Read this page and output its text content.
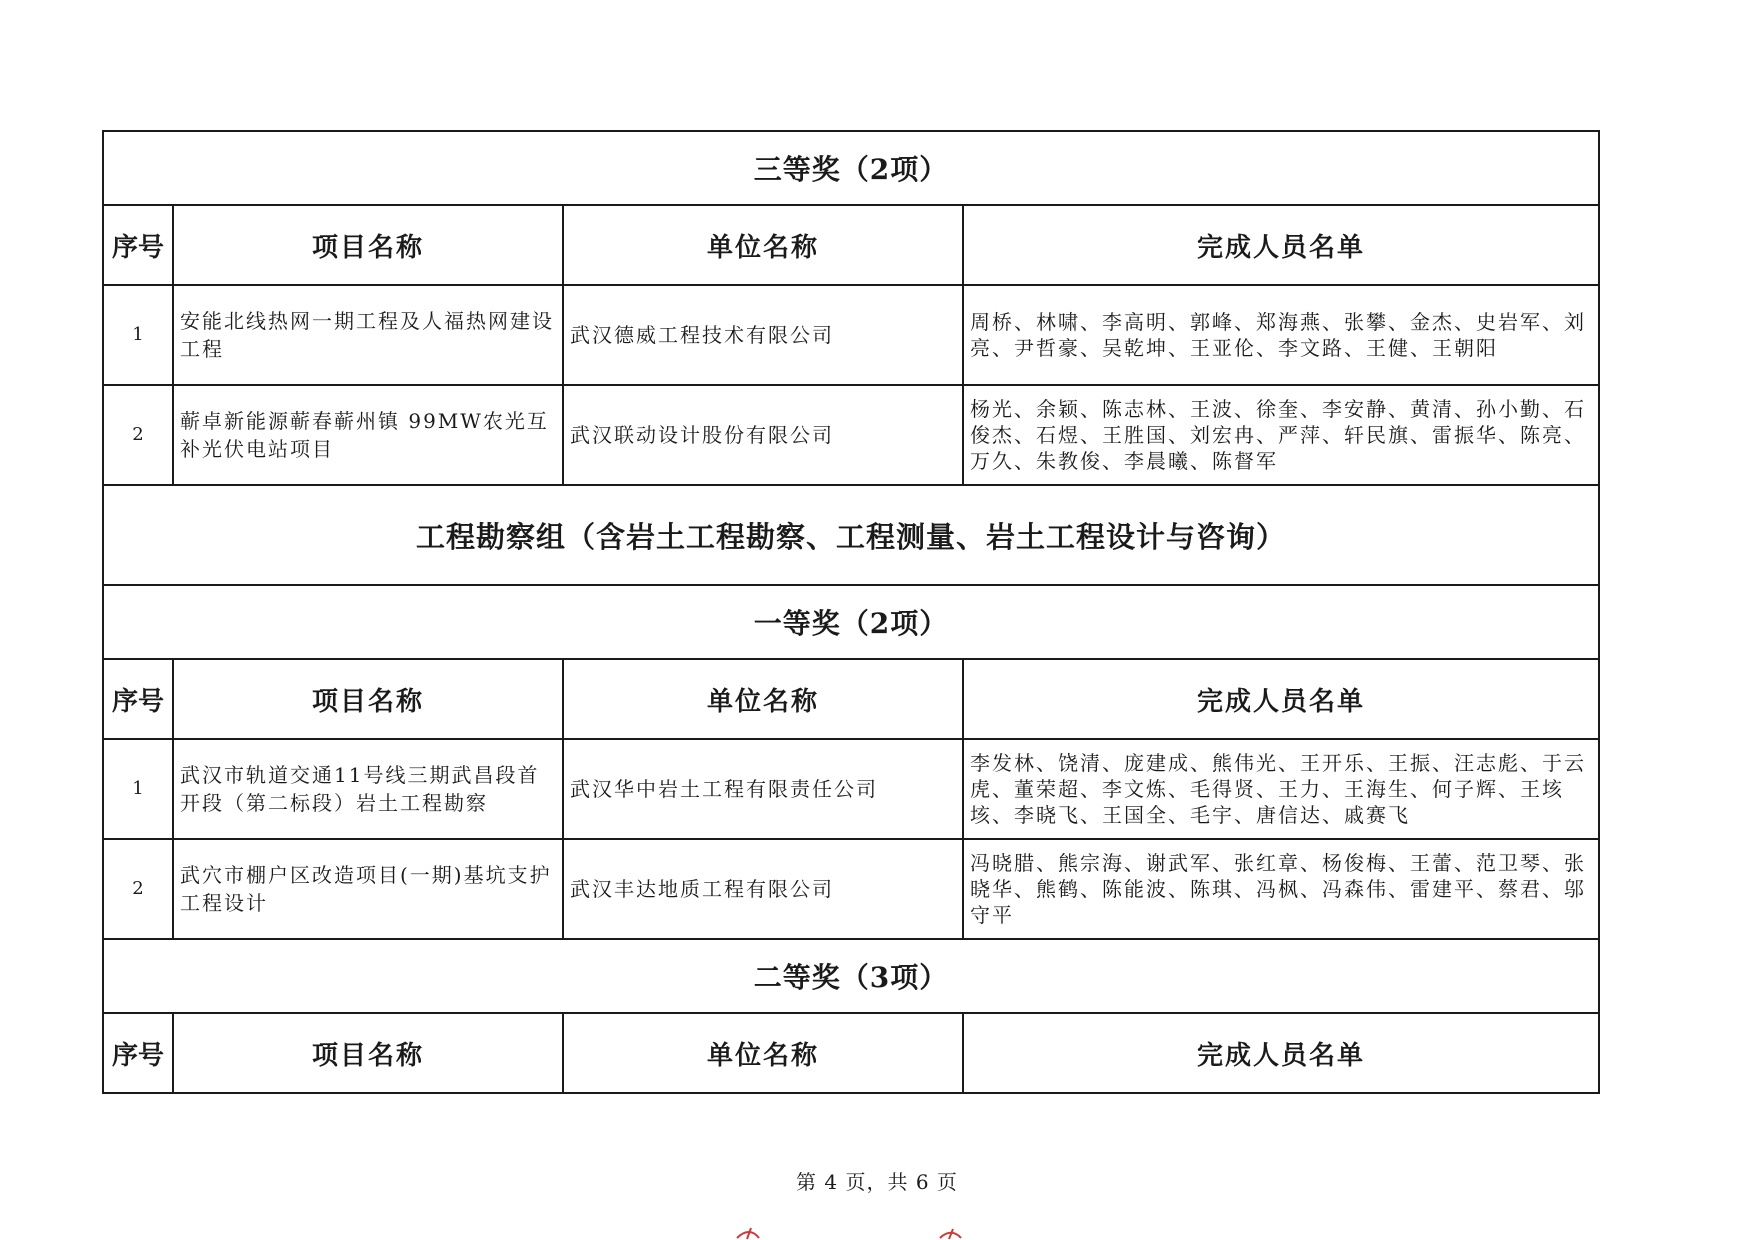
三等奖（2项）			
序号	项目名称	单位名称	完成人员名单
1	安能北线热网一期工程及人福热网建设工程	武汉德威工程技术有限公司	周桥、林啸、李高明、郭峰、郑海燕、张攀、金杰、史岩军、刘亮、尹哲豪、吴乾坤、王亚伦、李文路、王健、王朝阳
2	蕲卓新能源蕲春蕲州镇 99MW农光互补光伏电站项目	武汉联动设计股份有限公司	杨光、余颖、陈志林、王波、徐奎、李安静、黄清、孙小勤、石俊杰、石煜、王胜国、刘宏冉、严萍、轩民旗、雷振华、陈亮、万久、朱教俊、李晨曦、陈督军
工程勘察组（含岩土工程勘察、工程测量、岩土工程设计与咨询）			
一等奖（2项）			
序号	项目名称	单位名称	完成人员名单
1	武汉市轨道交通11号线三期武昌段首开段（第二标段）岩土工程勘察	武汉华中岩土工程有限责任公司	李发林、饶清、庞建成、熊伟光、王开乐、王振、汪志彪、于云虎、董荣超、李文炼、毛得贤、王力、王海生、何子辉、王垓垓、李晓飞、王国全、毛宇、唐信达、戚赛飞
2	武穴市棚户区改造项目(一期)基坑支护工程设计	武汉丰达地质工程有限公司	冯晓腊、熊宗海、谢武军、张红章、杨俊梅、王蕾、范卫琴、张晓华、熊鹤、陈能波、陈琪、冯枫、冯森伟、雷建平、蔡君、邬守平
二等奖（3项）			
序号	项目名称	单位名称	完成人员名单
第 4 页，共 6 页
